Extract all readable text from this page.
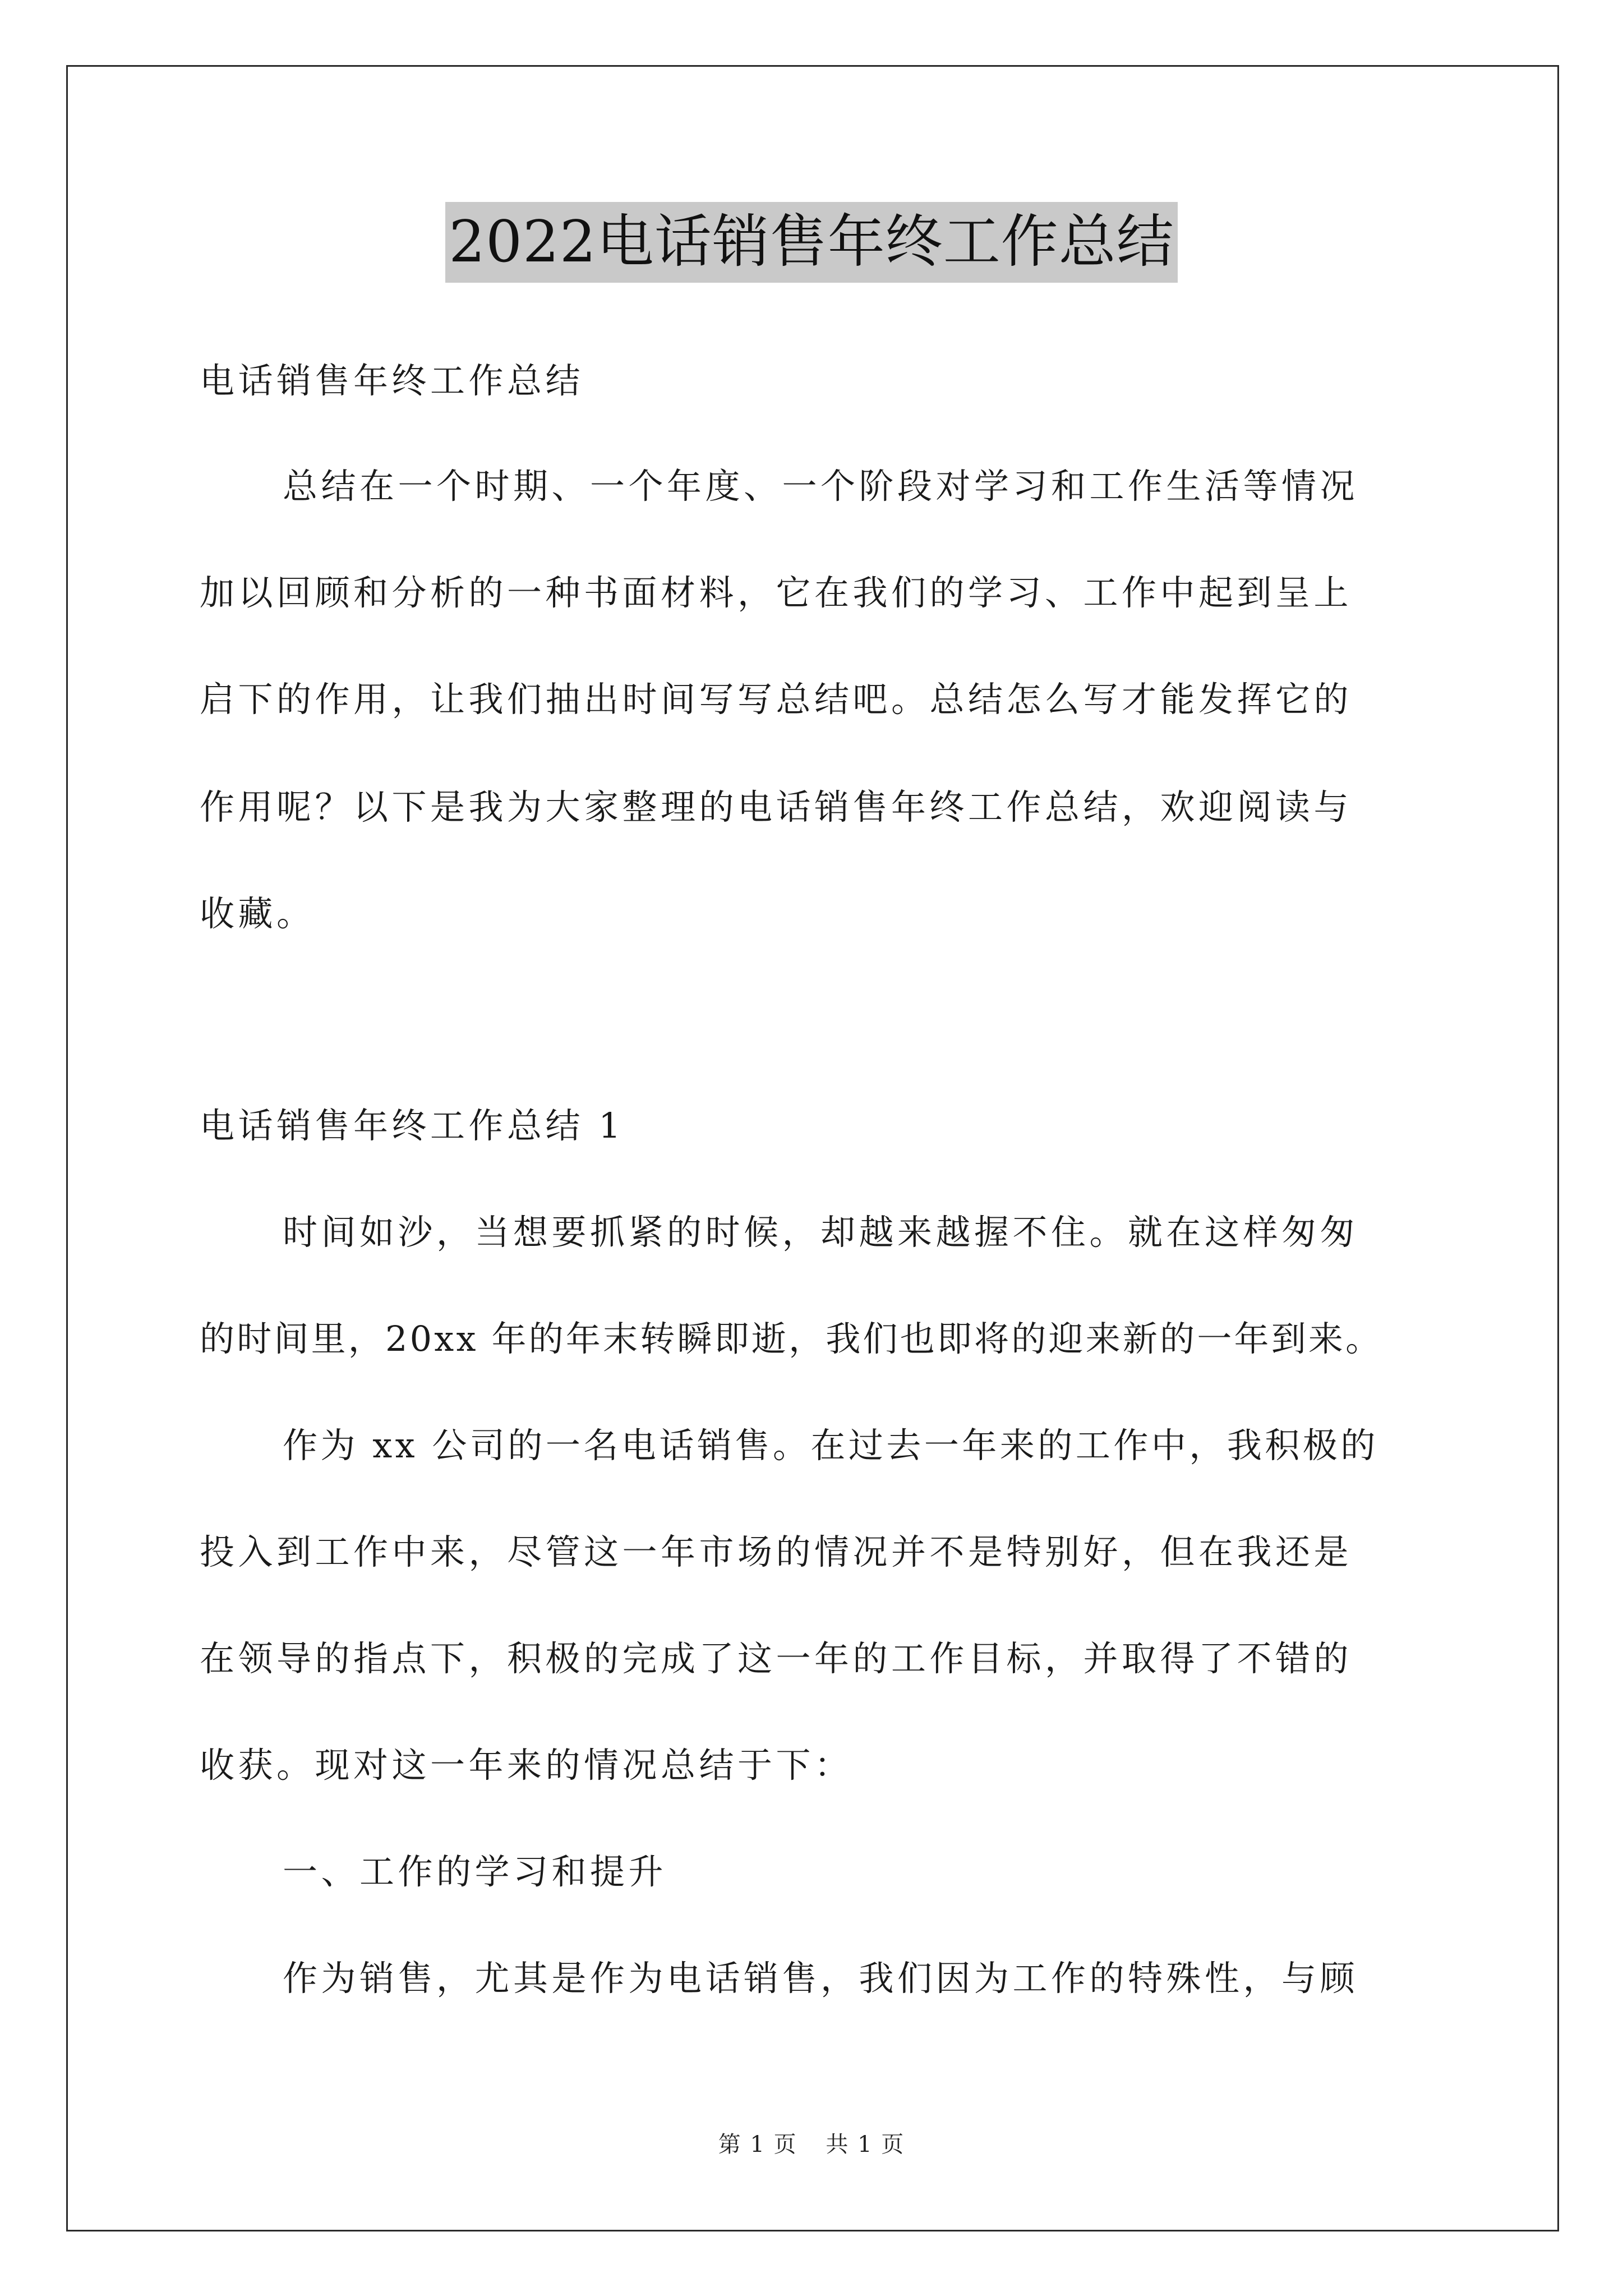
2022电话销售年终工作总结
电话销售年终工作总结
总结在一个时期、一个年度、一个阶段对学习和工作生活等情况
加以回顾和分析的一种书面材料，它在我们的学习、工作中起到呈上
启下的作用，让我们抽出时间写写总结吧。总结怎么写才能发挥它的
作用呢？以下是我为大家整理的电话销售年终工作总结，欢迎阅读与
收藏。
电话销售年终工作总结 1
时间如沙，当想要抓紧的时候，却越来越握不住。就在这样匆匆
的时间里，20xx 年的年末转瞬即逝，我们也即将的迎来新的一年到来。
作为 xx 公司的一名电话销售。在过去一年来的工作中，我积极的
投入到工作中来，尽管这一年市场的情况并不是特别好，但在我还是
在领导的指点下，积极的完成了这一年的工作目标，并取得了不错的
收获。现对这一年来的情况总结于下：
一、工作的学习和提升
作为销售，尤其是作为电话销售，我们因为工作的特殊性，与顾
第 1 页 共 1 页
